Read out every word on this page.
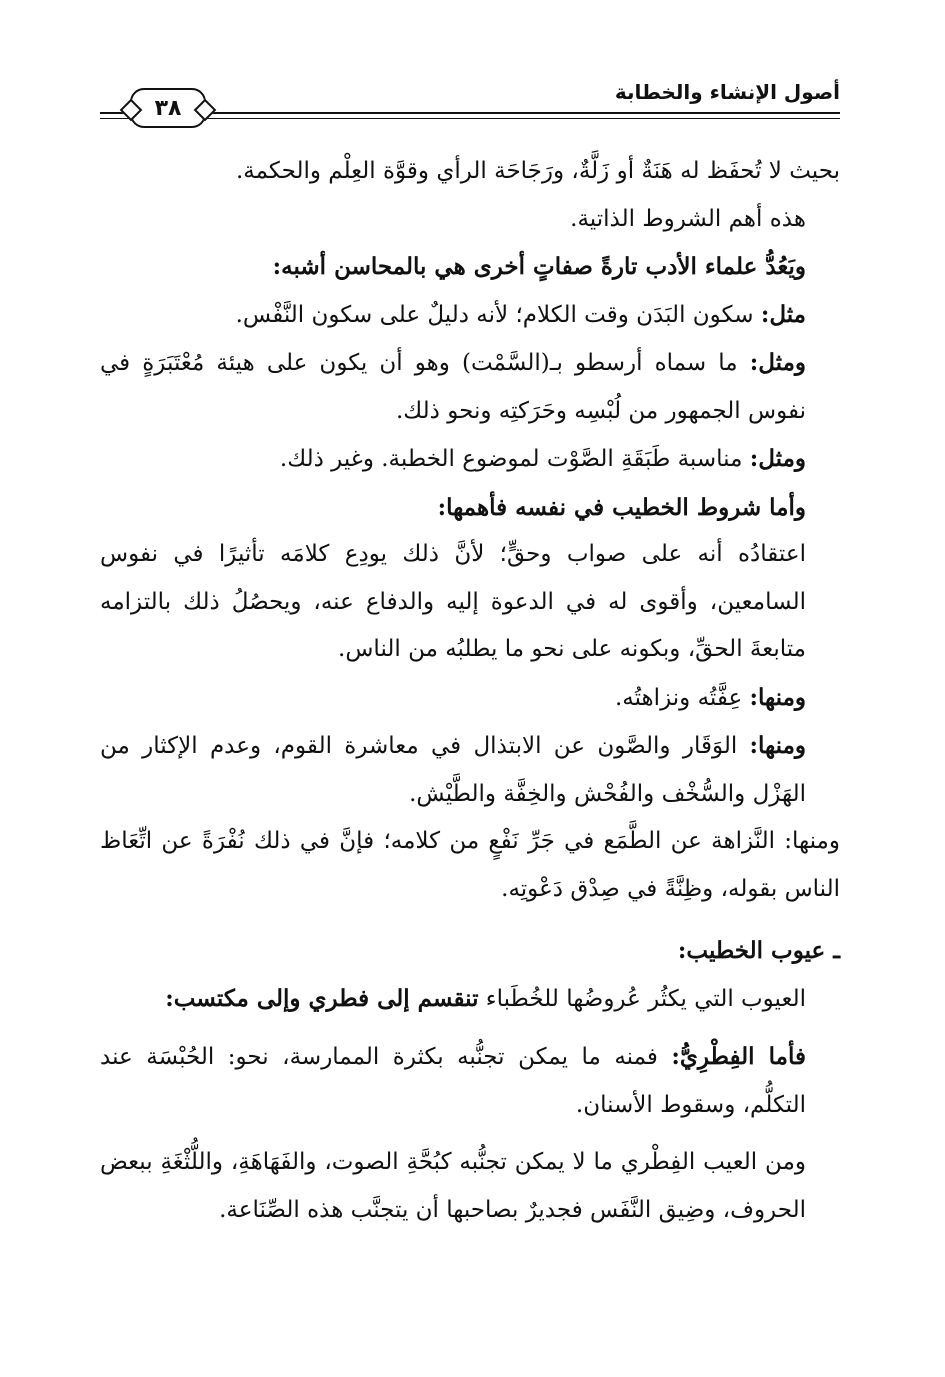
٣٨
أصول الإنشاء والخطابة

بحيث لا تُحفَظ له هَنَةٌ أو زَلَّةٌ، ورَجَاحَة الرأي وقوَّة العِلْم والحكمة.

هذه أهم الشروط الذاتية.

ويَعُدُّ علماء الأدب تارةً صفاتٍ أخرى هي بالمحاسن أشبه:

مثل: سكون البَدَن وقت الكلام؛ لأنه دليلٌ على سكون النَّفْس.

ومثل: ما سماه أرسطو بـ(السَّمْت) وهو أن يكون على هيئة مُعْتَبَرَةٍ في نفوس الجمهور من لُبْسِه وحَرَكتِه ونحو ذلك.

ومثل: مناسبة طَبَقَةِ الصَّوْت لموضوع الخطبة. وغير ذلك.

وأما شروط الخطيب في نفسه فأهمها:

اعتقادُه أنه على صواب وحقٍّ؛ لأنَّ ذلك يودِع كلامَه تأثيرًا في نفوس السامعين، وأقوى له في الدعوة إليه والدفاع عنه، ويحصُلُ ذلك بالتزامه متابعةَ الحقِّ، وبكونه على نحو ما يطلبُه من الناس.

ومنها: عِفَّتُه ونزاهتُه.

ومنها: الوَقَار والصَّون عن الابتذال في معاشرة القوم، وعدم الإكثار من الهَزْل والسُّخْف والفُحْش والخِفَّة والطَّيْش.

ومنها: النَّزاهة عن الطَّمَع في جَرِّ نَفْعٍ من كلامه؛ فإنَّ في ذلك نُفْرَةً عن اتِّعَاظ الناس بقوله، وظِنَّةً في صِدْق دَعْوتِه.

ـ عيوب الخطيب:

العيوب التي يكثُر عُروضُها للخُطَباء تنقسم إلى فطري وإلى مكتسب:

فأما الفِطْرِيُّ: فمنه ما يمكن تجنُّبه بكثرة الممارسة، نحو: الحُبْسَة عند التكلُّم، وسقوط الأسنان.

ومن العيب الفِطْري ما لا يمكن تجنُّبه كبُحَّةِ الصوت، والفَهَاهَةِ، واللُّثْغَةِ ببعض الحروف، وضِيق النَّفَس فجديرٌ بصاحبها أن يتجنَّب هذه الصِّنَاعة.
